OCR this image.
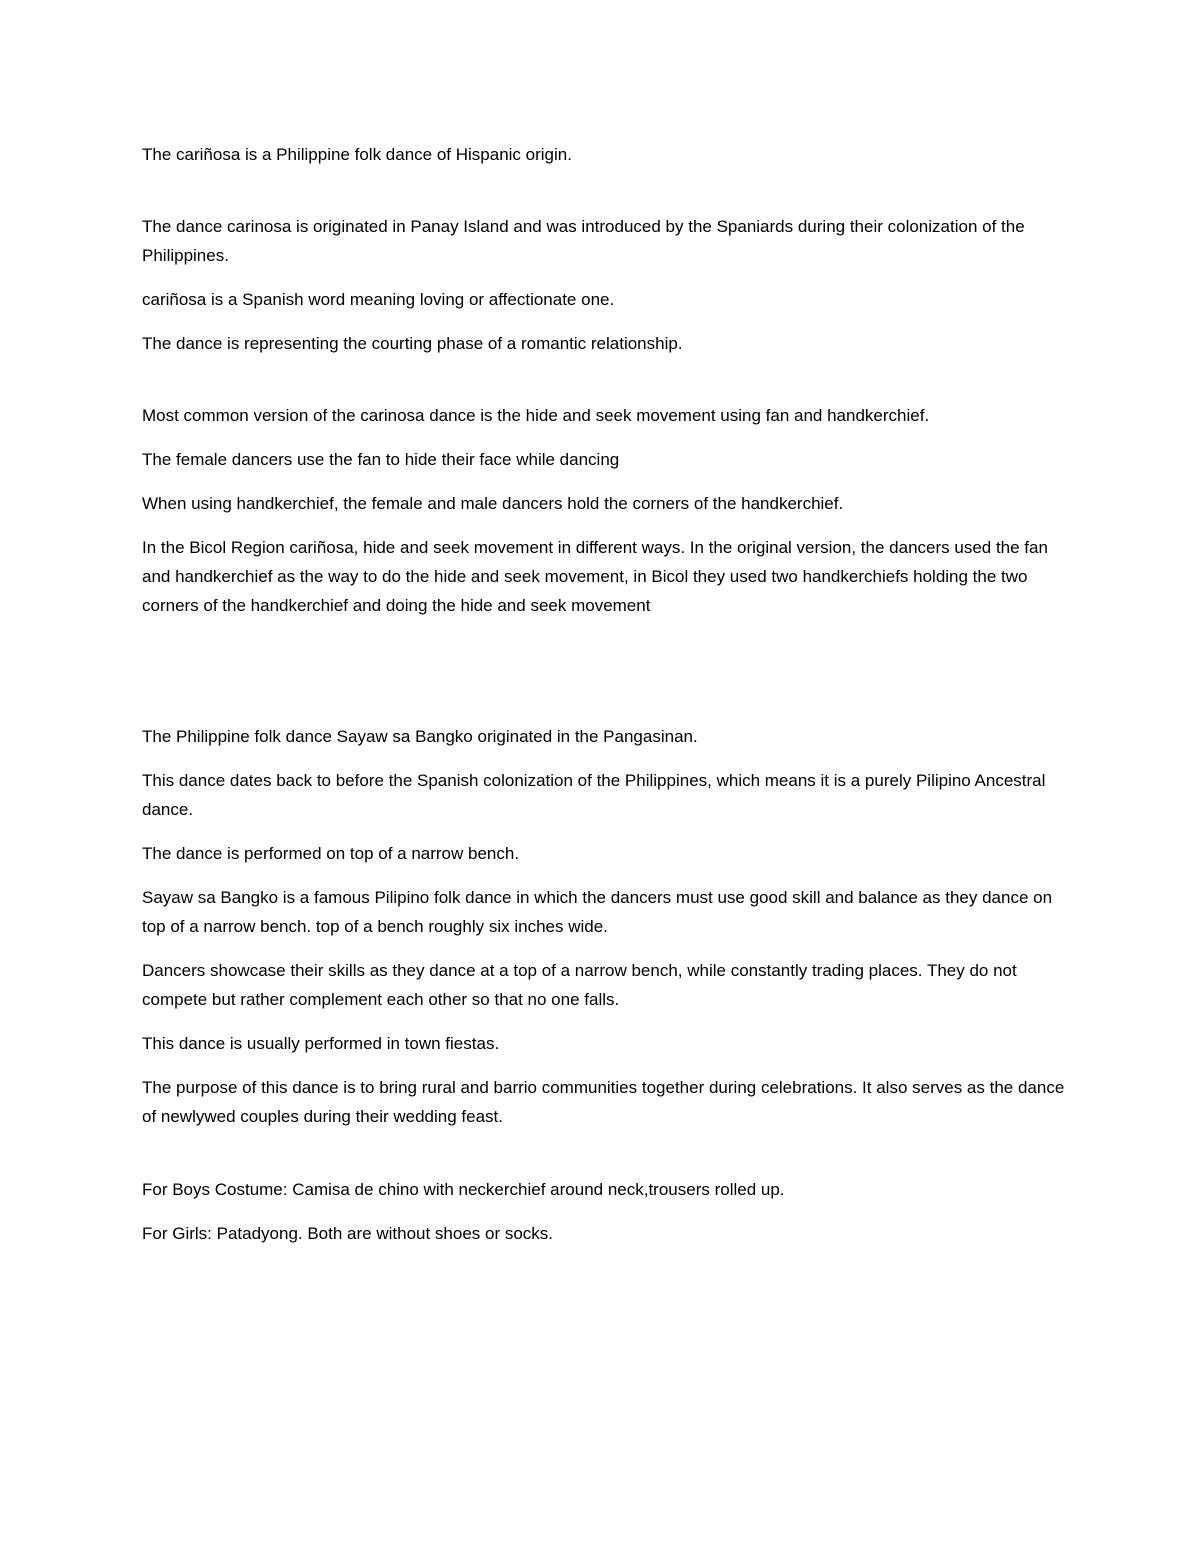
The cariñosa is a Philippine folk dance of Hispanic origin.

The dance carinosa is originated in Panay Island and was introduced by the Spaniards during their colonization of the Philippines.

cariñosa is a Spanish word meaning loving or affectionate one.

The dance is representing the courting phase of a romantic relationship.

Most common version of the carinosa dance is the hide and seek movement using fan and handkerchief.

The female dancers use the fan to hide their face while dancing

When using handkerchief, the female and male dancers hold the corners of the handkerchief.

In the Bicol Region cariñosa, hide and seek movement in different ways. In the original version, the dancers used the fan and handkerchief as the way to do the hide and seek movement, in Bicol they used two handkerchiefs holding the two corners of the handkerchief and doing the hide and seek movement

The Philippine folk dance Sayaw sa Bangko originated in the Pangasinan.

This dance dates back to before the Spanish colonization of the Philippines, which means it is a purely Pilipino Ancestral dance.

The dance is performed on top of a narrow bench.

Sayaw sa Bangko is a famous Pilipino folk dance in which the dancers must use good skill and balance as they dance on top of a narrow bench. top of a bench roughly six inches wide.

Dancers showcase their skills as they dance at a top of a narrow bench, while constantly trading places. They do not compete but rather complement each other so that no one falls.

This dance is usually performed in town fiestas.

The purpose of this dance is to bring rural and barrio communities together during celebrations. It also serves as the dance of newlywed couples during their wedding feast.

For Boys Costume: Camisa de chino with neckerchief around neck,trousers rolled up.

For Girls: Patadyong. Both are without shoes or socks.
